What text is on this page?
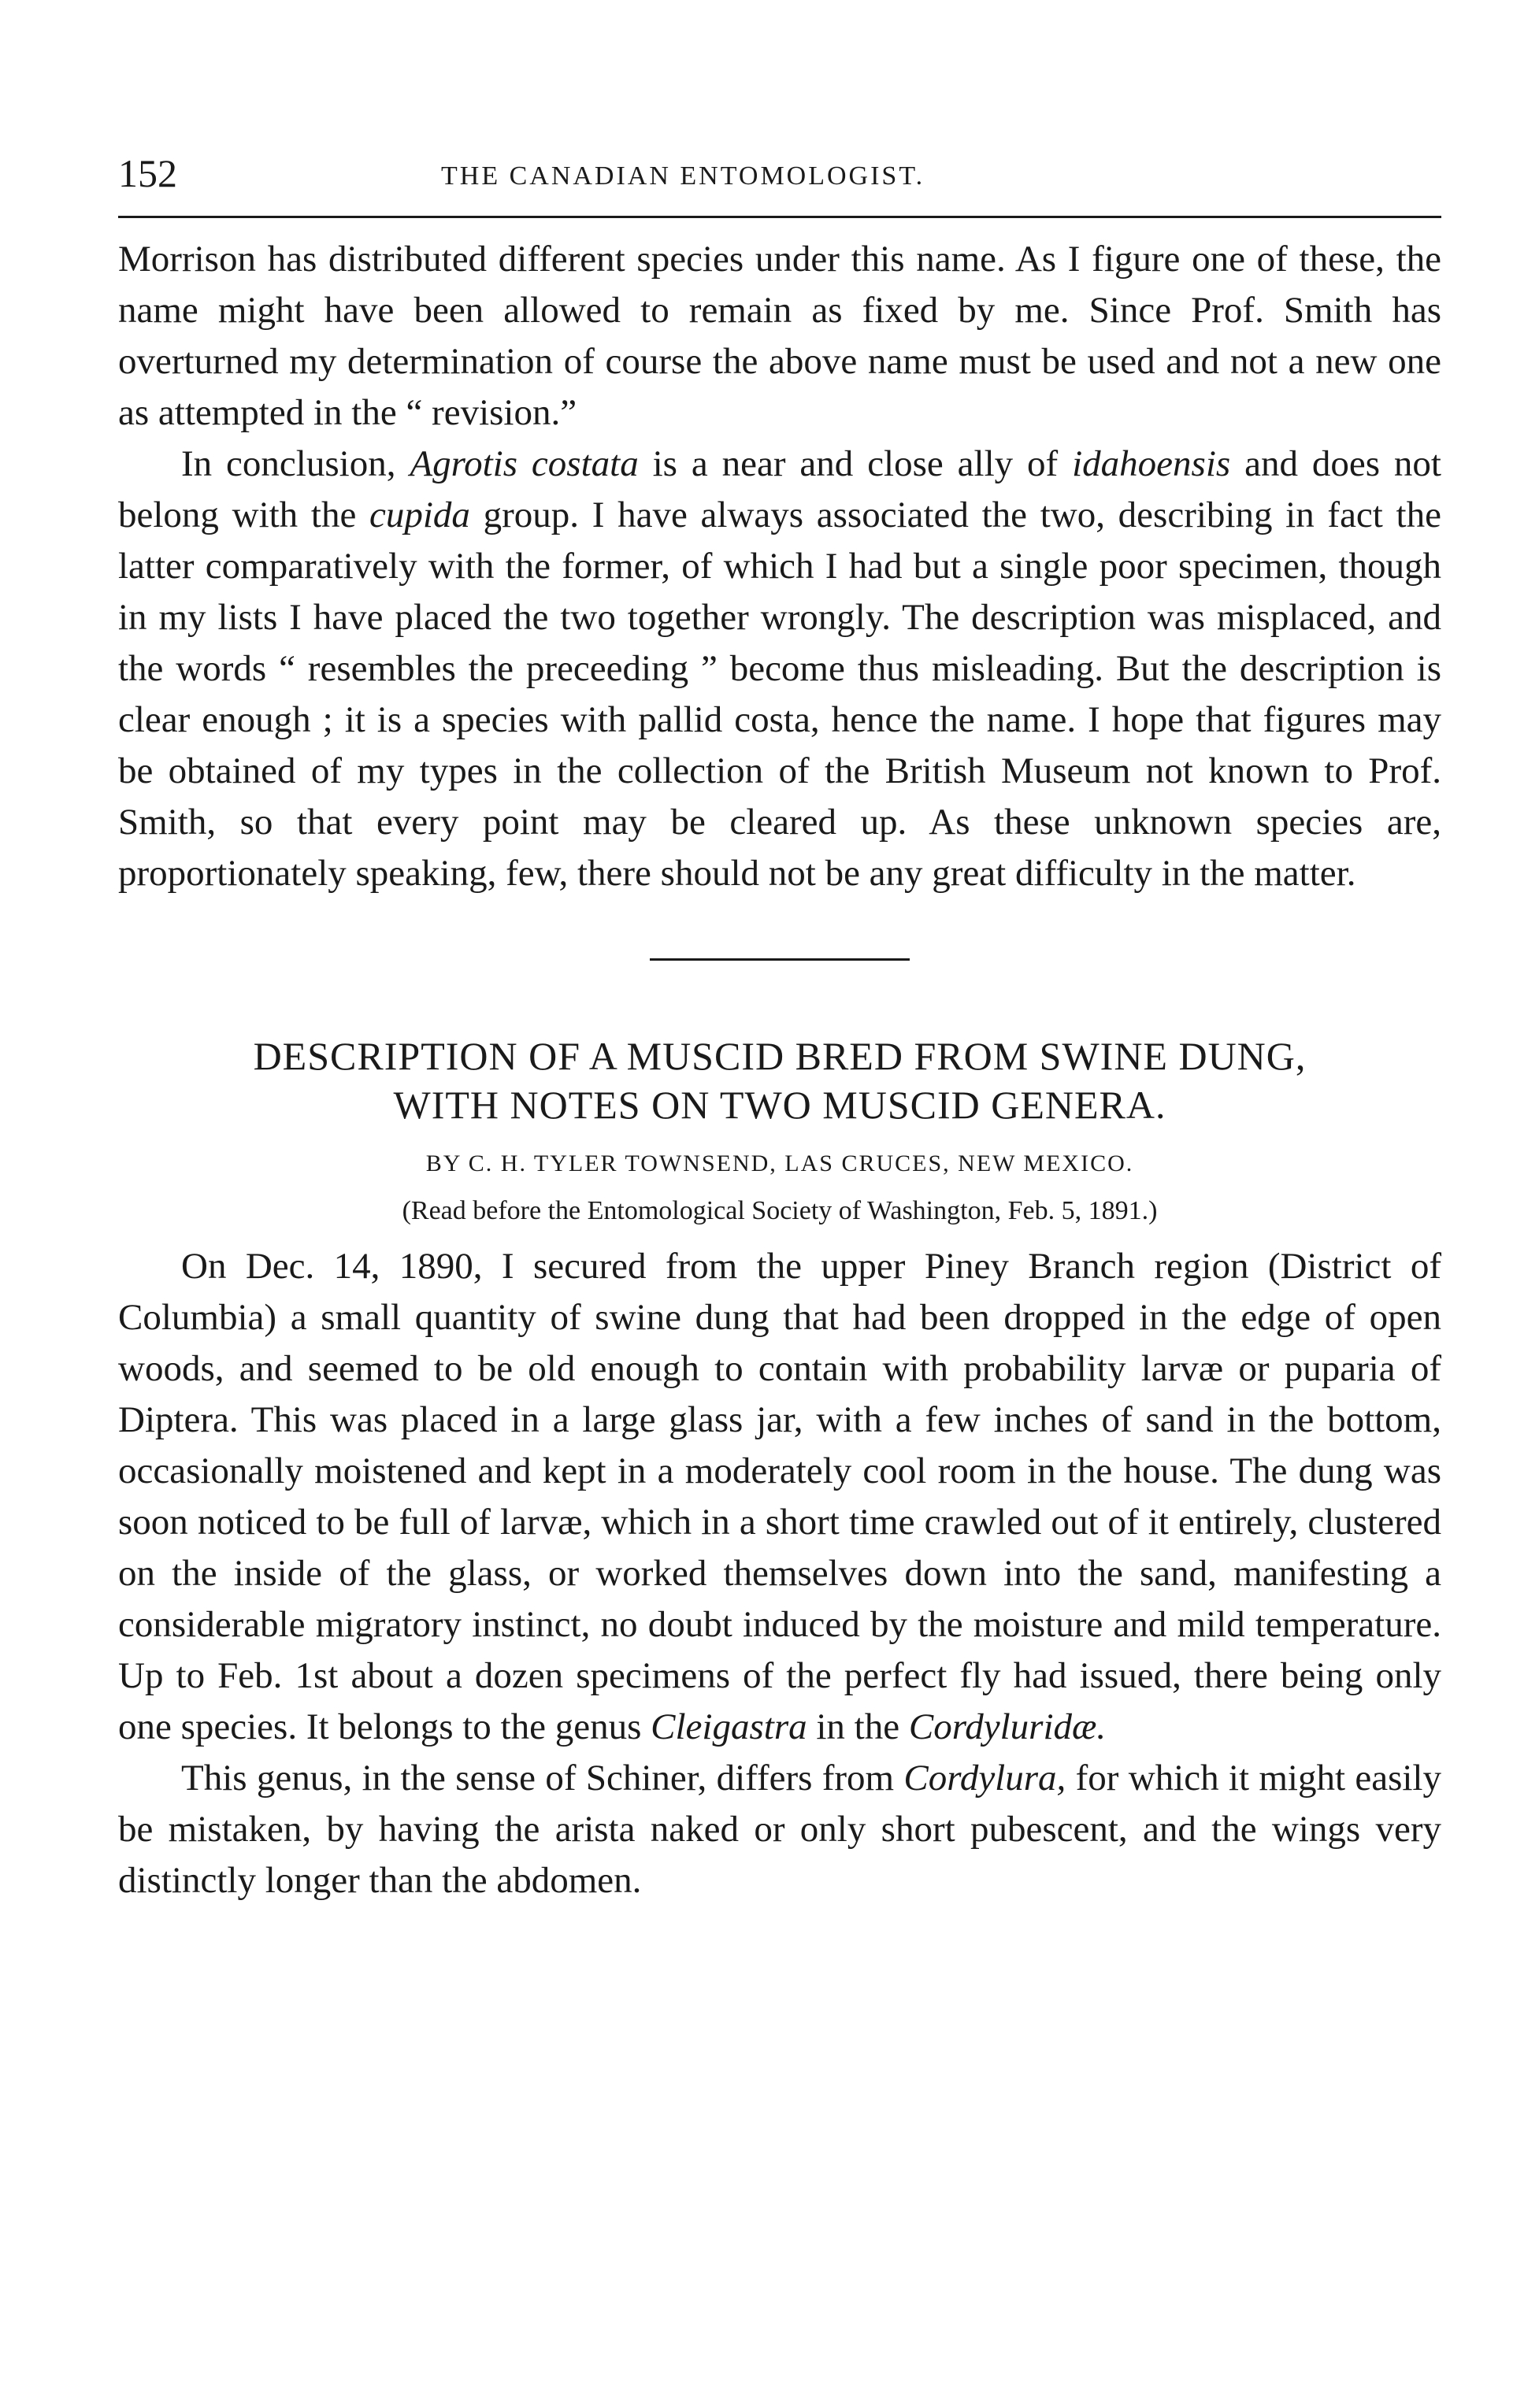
152	THE CANADIAN ENTOMOLOGIST.

Morrison has distributed different species under this name. As I figure one of these, the name might have been allowed to remain as fixed by me. Since Prof. Smith has overturned my determination of course the above name must be used and not a new one as attempted in the “ revision.”

In conclusion, Agrotis costata is a near and close ally of idahoensis and does not belong with the cupida group. I have always associated the two, describing in fact the latter comparatively with the former, of which I had but a single poor specimen, though in my lists I have placed the two together wrongly. The description was misplaced, and the words “ resembles the preceeding ” become thus misleading. But the description is clear enough ; it is a species with pallid costa, hence the name. I hope that figures may be obtained of my types in the collection of the British Museum not known to Prof. Smith, so that every point may be cleared up. As these unknown species are, proportionately speaking, few, there should not be any great difficulty in the matter.

DESCRIPTION OF A MUSCID BRED FROM SWINE DUNG,

WITH NOTES ON TWO MUSCID GENERA.

BY C. H. TYLER TOWNSEND, LAS CRUCES, NEW MEXICO.

(Read before the Entomological Society of Washington, Feb. 5, 1891.)

On Dec. 14, 1890, I secured from the upper Piney Branch region (District of Columbia) a small quantity of swine dung that had been dropped in the edge of open woods, and seemed to be old enough to contain with probability larvæ or puparia of Diptera. This was placed in a large glass jar, with a few inches of sand in the bottom, occasionally moistened and kept in a moderately cool room in the house. The dung was soon noticed to be full of larvæ, which in a short time crawled out of it entirely, clustered on the inside of the glass, or worked themselves down into the sand, manifesting a considerable migratory instinct, no doubt induced by the moisture and mild temperature. Up to Feb. 1st about a dozen specimens of the perfect fly had issued, there being only one species. It belongs to the genus Cleigastra in the Cordyluridæ.

This genus, in the sense of Schiner, differs from Cordylura, for which it might easily be mistaken, by having the arista naked or only short pubescent, and the wings very distinctly longer than the abdomen.
